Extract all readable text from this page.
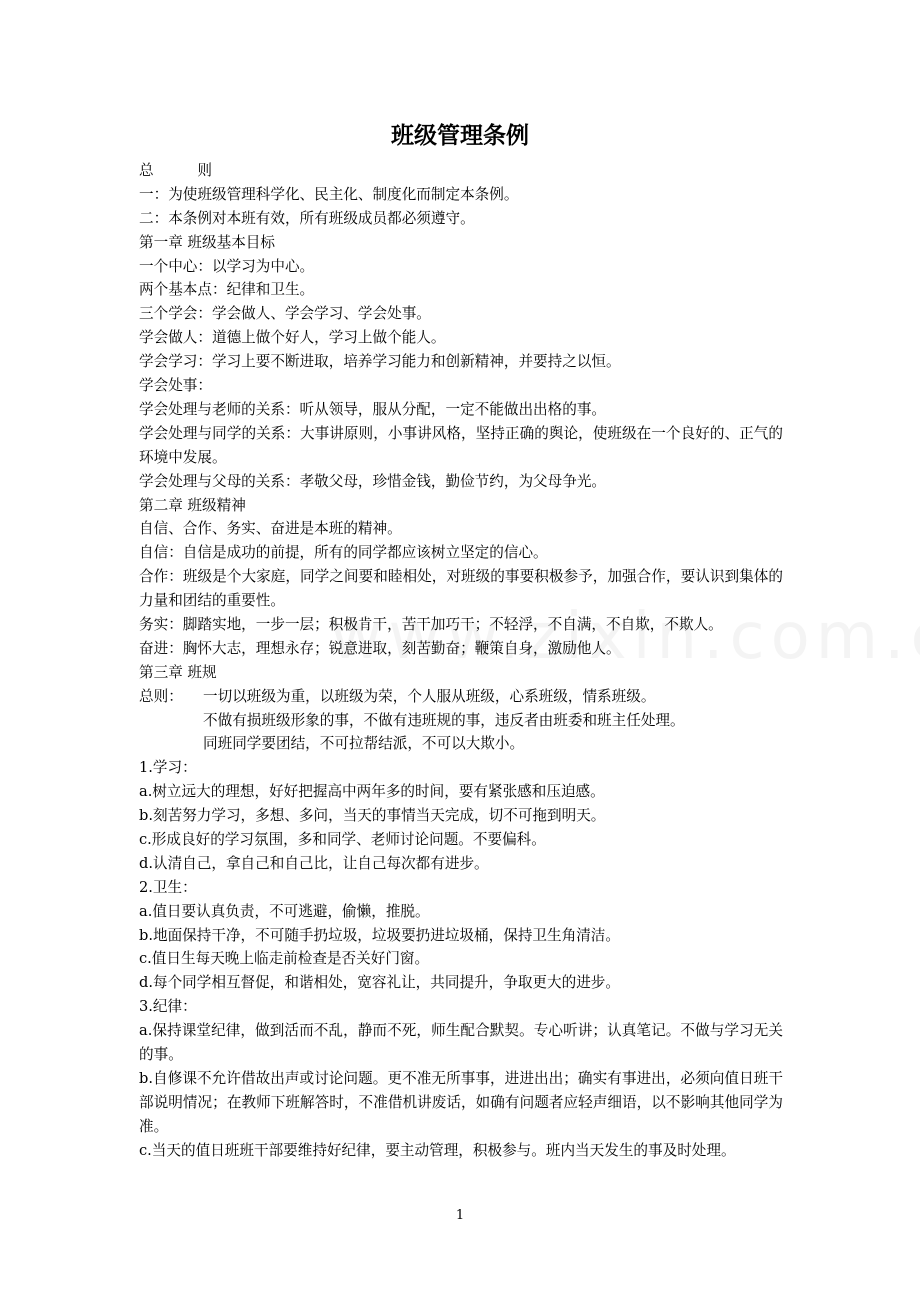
班级管理条例
总　　　则
一：为使班级管理科学化、民主化、制度化而制定本条例。
二：本条例对本班有效，所有班级成员都必须遵守。
第一章 班级基本目标
一个中心：以学习为中心。
两个基本点：纪律和卫生。
三个学会：学会做人、学会学习、学会处事。
学会做人：道德上做个好人，学习上做个能人。
学会学习：学习上要不断进取，培养学习能力和创新精神，并要持之以恒。
学会处事：
学会处理与老师的关系：听从领导，服从分配，一定不能做出出格的事。
学会处理与同学的关系：大事讲原则，小事讲风格，坚持正确的舆论，使班级在一个良好的、正气的环境中发展。
学会处理与父母的关系：孝敬父母，珍惜金钱，勤俭节约，为父母争光。
第二章 班级精神
自信、合作、务实、奋进是本班的精神。
自信：自信是成功的前提，所有的同学都应该树立坚定的信心。
合作：班级是个大家庭，同学之间要和睦相处，对班级的事要积极参予，加强合作，要认识到集体的力量和团结的重要性。
务实：脚踏实地，一步一层；积极肯干，苦干加巧干；不轻浮，不自满，不自欺，不欺人。
奋进：胸怀大志，理想永存；锐意进取，刻苦勤奋；鞭策自身，激励他人。
第三章 班规
总则： 一切以班级为重，以班级为荣，个人服从班级，心系班级，情系班级。
不做有损班级形象的事，不做有违班规的事，违反者由班委和班主任处理。
同班同学要团结，不可拉帮结派，不可以大欺小。
1.学习：
a.树立远大的理想，好好把握高中两年多的时间，要有紧张感和压迫感。
b.刻苦努力学习，多想、多问，当天的事情当天完成，切不可拖到明天。
c.形成良好的学习氛围，多和同学、老师讨论问题。不要偏科。
d.认清自己，拿自己和自己比，让自己每次都有进步。
2.卫生：
a.值日要认真负责，不可逃避，偷懒，推脱。
b.地面保持干净，不可随手扔垃圾，垃圾要扔进垃圾桶，保持卫生角清洁。
c.值日生每天晚上临走前检查是否关好门窗。
d.每个同学相互督促，和谐相处，宽容礼让，共同提升，争取更大的进步。
3.纪律：
a.保持课堂纪律，做到活而不乱，静而不死，师生配合默契。专心听讲；认真笔记。不做与学习无关的事。
b.自修课不允许借故出声或讨论问题。更不准无所事事，进进出出；确实有事进出，必须向值日班干部说明情况；在教师下班解答时，不准借机讲废话，如确有问题者应轻声细语，以不影响其他同学为准。
c.当天的值日班班干部要维持好纪律，要主动管理，积极参与。班内当天发生的事及时处理。
1
